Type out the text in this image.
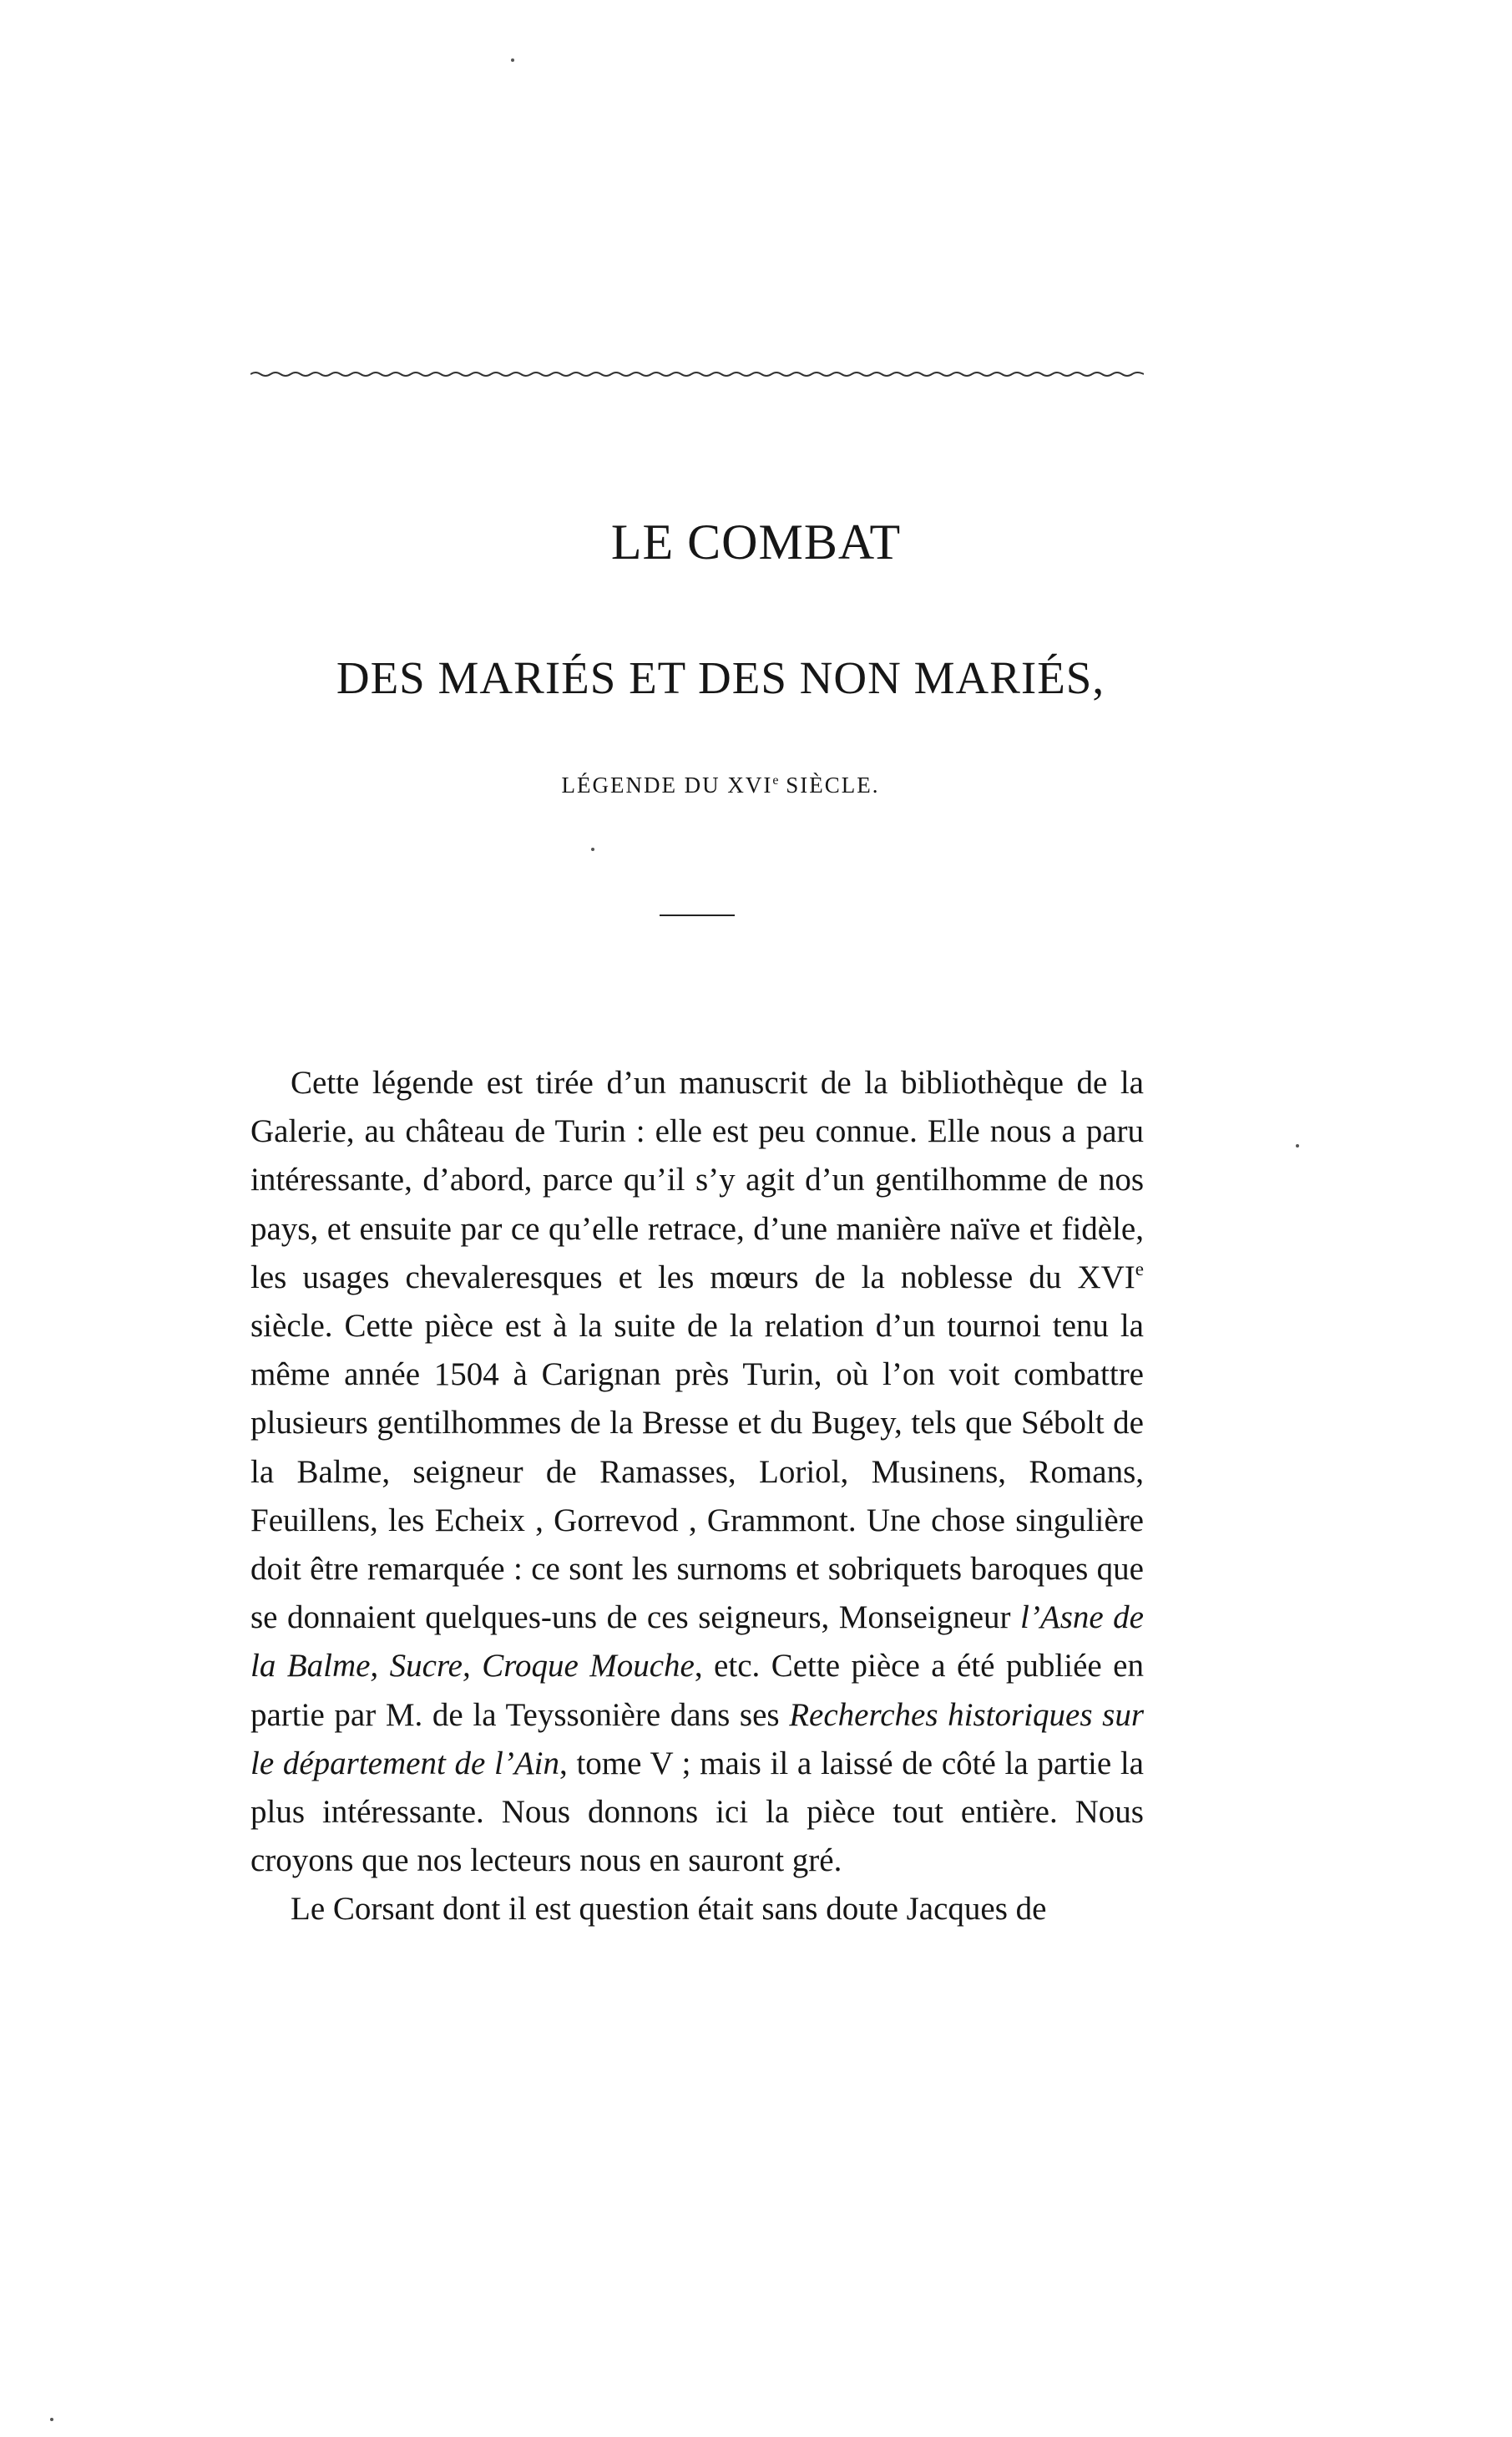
LE COMBAT
DES MARIÉS ET DES NON MARIÉS,
LÉGENDE DU XVIe SIÈCLE.

Cette légende est tirée d’un manuscrit de la bibliothèque de la Galerie, au château de Turin : elle est peu connue. Elle nous a paru intéressante, d’abord, parce qu’il s’y agit d’un gentilhomme de nos pays, et ensuite par ce qu’elle retrace, d’une manière naïve et fidèle, les usages chevaleresques et les mœurs de la noblesse du XVIe siècle. Cette pièce est à la suite de la relation d’un tournoi tenu la même année 1504 à Carignan près Turin, où l’on voit combattre plusieurs gentilhommes de la Bresse et du Bugey, tels que Sébolt de la Balme, seigneur de Ramasses, Loriol, Musinens, Romans, Feuillens, les Echeix , Gorrevod , Grammont. Une chose singulière doit être remarquée : ce sont les surnoms et sobriquets baroques que se donnaient quelques-uns de ces seigneurs, Monseigneur l’Asne de la Balme, Sucre, Croque Mouche, etc. Cette pièce a été publiée en partie par M. de la Teyssonière dans ses Recherches historiques sur le département de l’Ain, tome V ; mais il a laissé de côté la partie la plus intéressante. Nous donnons ici la pièce tout entière. Nous croyons que nos lecteurs nous en sauront gré.

Le Corsant dont il est question était sans doute Jacques de
